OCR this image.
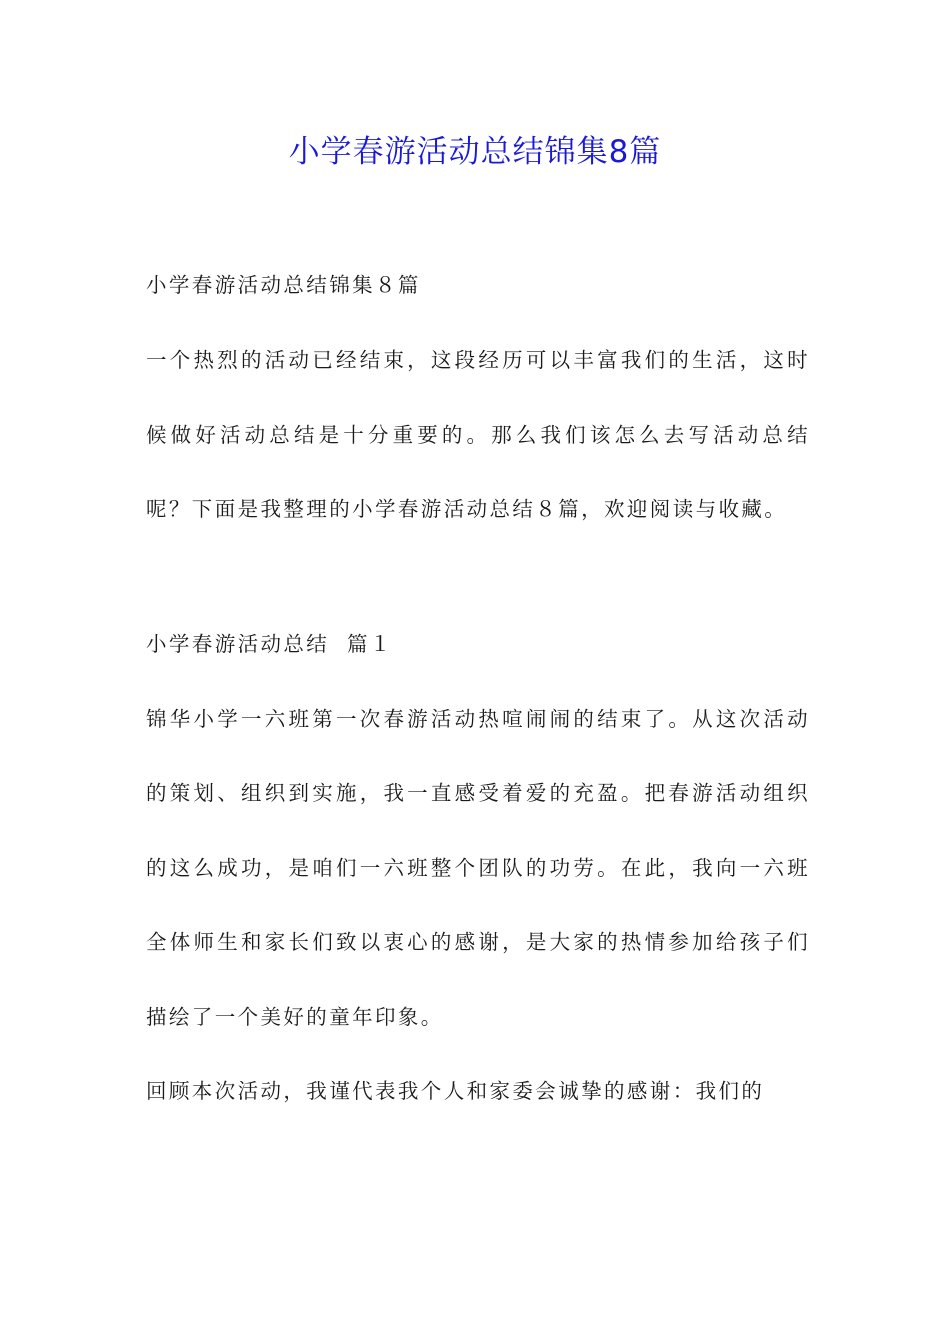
小学春游活动总结锦集8篇

小学春游活动总结锦集８篇

一个热烈的活动已经结束，这段经历可以丰富我们的生活，这时候做好活动总结是十分重要的。那么我们该怎么去写活动总结呢？下面是我整理的小学春游活动总结８篇，欢迎阅读与收藏。

小学春游活动总结  篇１

锦华小学一六班第一次春游活动热喧闹闹的结束了。从这次活动的策划、组织到实施，我一直感受着爱的充盈。把春游活动组织的这么成功，是咱们一六班整个团队的功劳。在此，我向一六班全体师生和家长们致以衷心的感谢，是大家的热情参加给孩子们描绘了一个美好的童年印象。

回顾本次活动，我谨代表我个人和家委会诚挚的感谢：我们的
